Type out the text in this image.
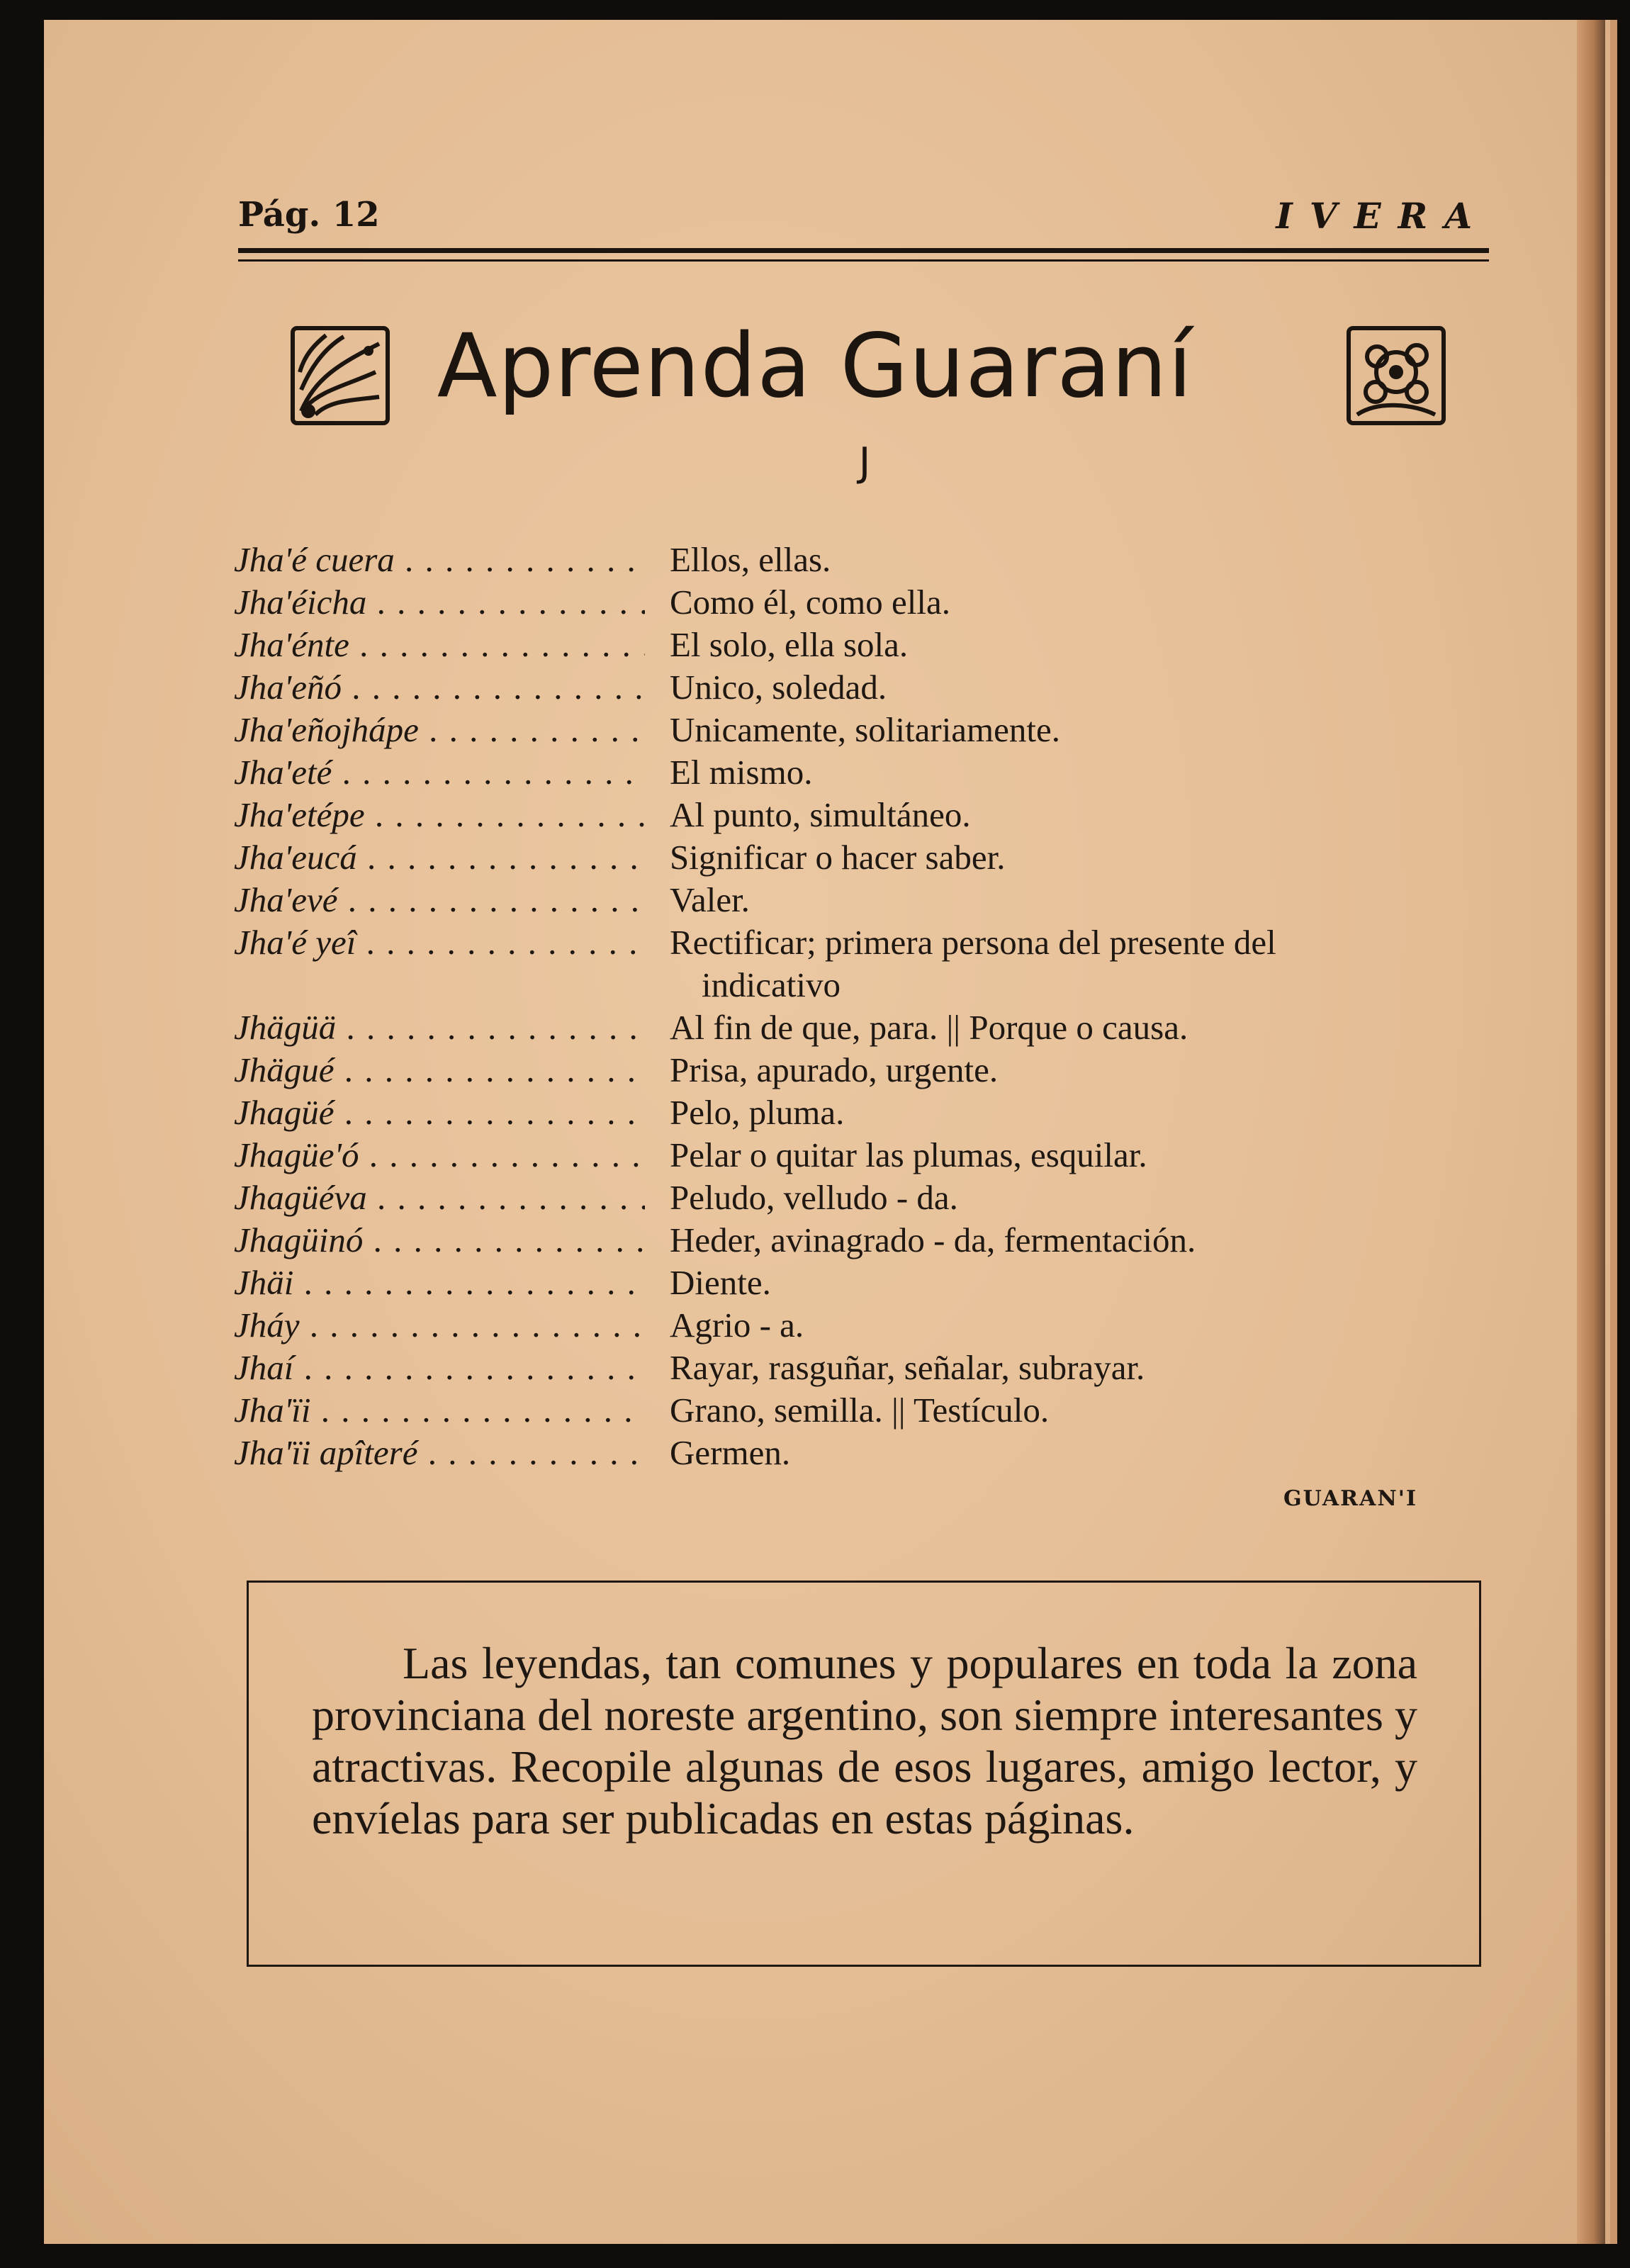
Pág. 12	IVERA
Aprenda Guaraní
J
Jha'é cuera . . .	Ellos, ellas.
Jha'éicha . . .	Como él, como ella.
Jha'énte . . .	El solo, ella sola.
Jha'eñó . . .	Unico, soledad.
Jha'eñojhápe . . .	Unicamente, solitariamente.
Jha'eté . . .	El mismo.
Jha'etépe . . .	Al punto, simultáneo.
Jha'eucá . . .	Significar o hacer saber.
Jha'evé . . .	Valer.
Jha'é yeî . . .	Rectificar; primera persona del presente del
indicativo
Jhägüä . . .	Al fin de que, para. || Porque o causa.
Jhägué . . .	Prisa, apurado, urgente.
Jhagüé . . .	Pelo, pluma.
Jhagüe'ó . . .	Pelar o quitar las plumas, esquilar.
Jhagüéva . . .	Peludo, velludo - da.
Jhagüinó . . .	Heder, avinagrado - da, fermentación.
Jhäi . . .	Diente.
Jháy . . .	Agrio - a.
Jhaí . . .	Rayar, rasguñar, señalar, subrayar.
Jha'ïi . . .	Grano, semilla. || Testículo.
Jha'ïi apîteré . . .	Germen.
GUARAN'I

Las leyendas, tan comunes y populares en toda la zona provinciana del noreste argentino, son siempre interesantes y atractivas. Recopile algunas de esos lugares, amigo lector, y envíelas para ser publicadas en estas páginas.
